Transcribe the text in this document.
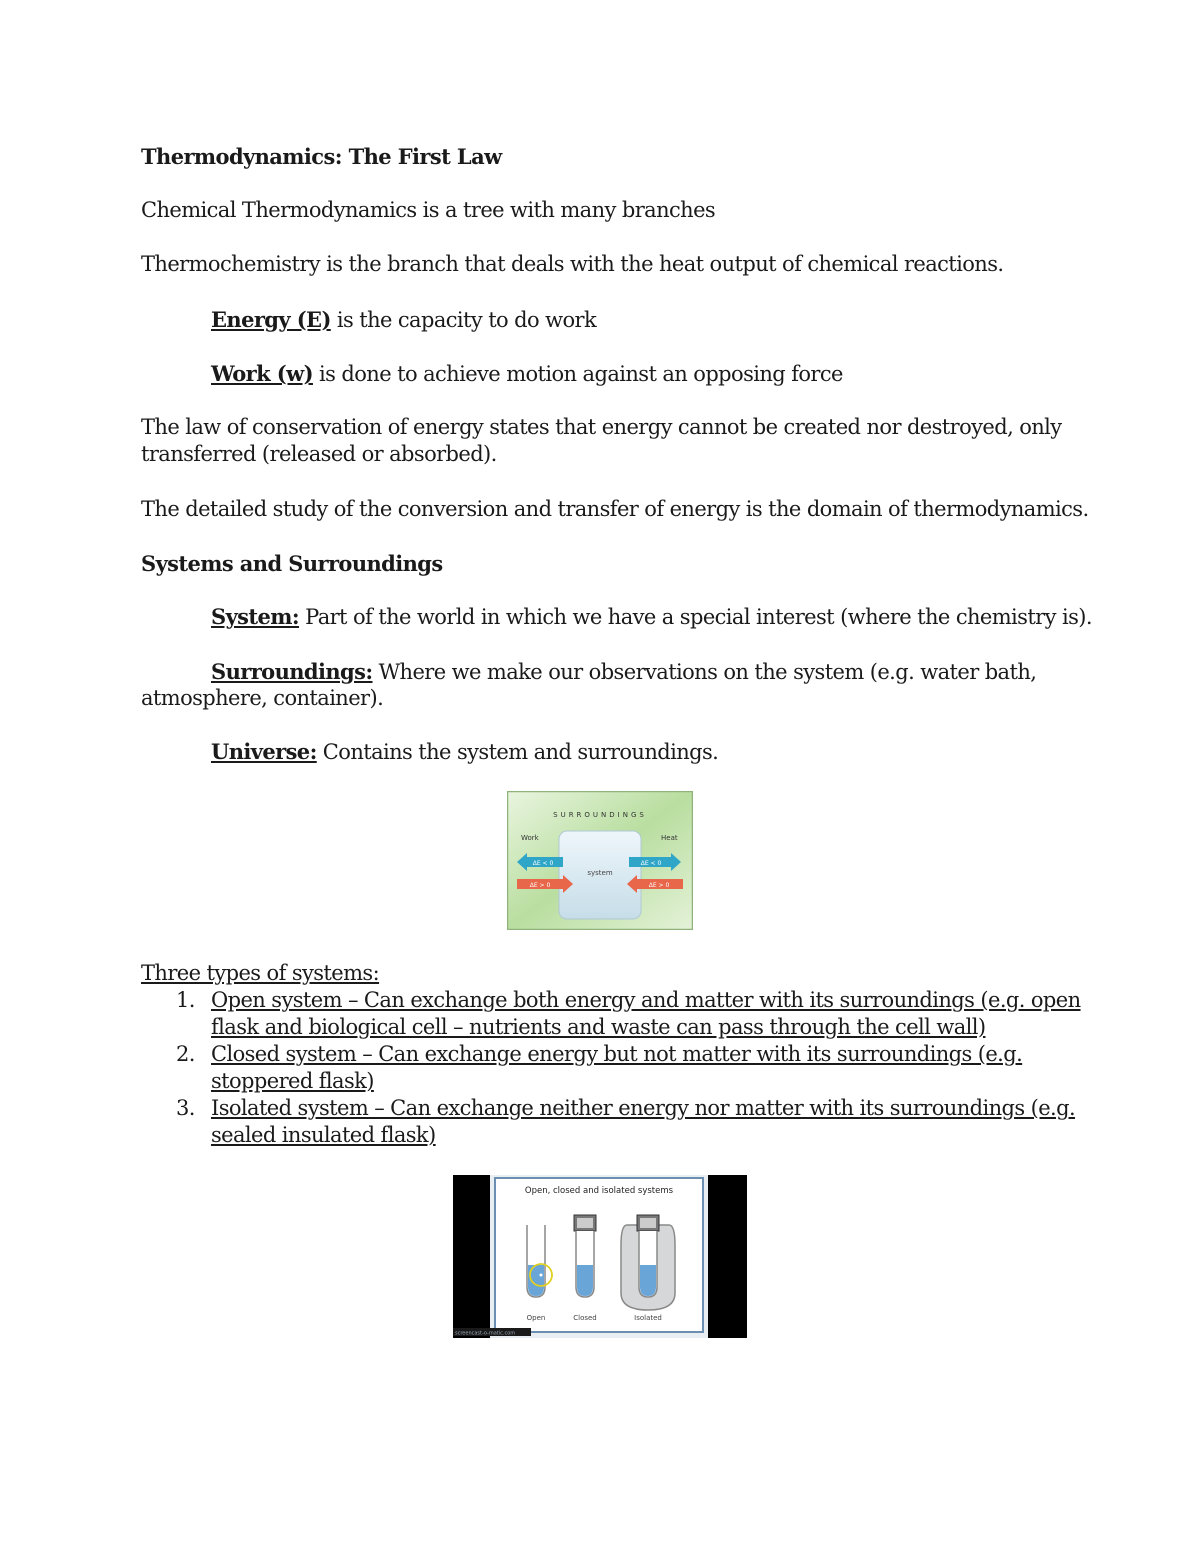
Thermodynamics: The First Law
Chemical Thermodynamics is a tree with many branches
Thermochemistry is the branch that deals with the heat output of chemical reactions.
Energy (E) is the capacity to do work
Work (w) is done to achieve motion against an opposing force
The law of conservation of energy states that energy cannot be created nor destroyed, only
transferred (released or absorbed).
The detailed study of the conversion and transfer of energy is the domain of thermodynamics.
Systems and Surroundings
System: Part of the world in which we have a special interest (where the chemistry is).
Surroundings: Where we make our observations on the system (e.g. water bath,
atmosphere, container).
Universe: Contains the system and surroundings.
SURROUNDINGS
system
Work	Heat
ΔE < 0
ΔE > 0
ΔE < 0
ΔE > 0
Three types of systems:
1. Open system – Can exchange both energy and matter with its surroundings (e.g. open
flask and biological cell – nutrients and waste can pass through the cell wall)
2. Closed system – Can exchange energy but not matter with its surroundings (e.g.
stoppered flask)
3. Isolated system – Can exchange neither energy nor matter with its surroundings (e.g.
sealed insulated flask)
Open, closed and isolated systems
Open	Closed	Isolated
screencast-o-matic.com
